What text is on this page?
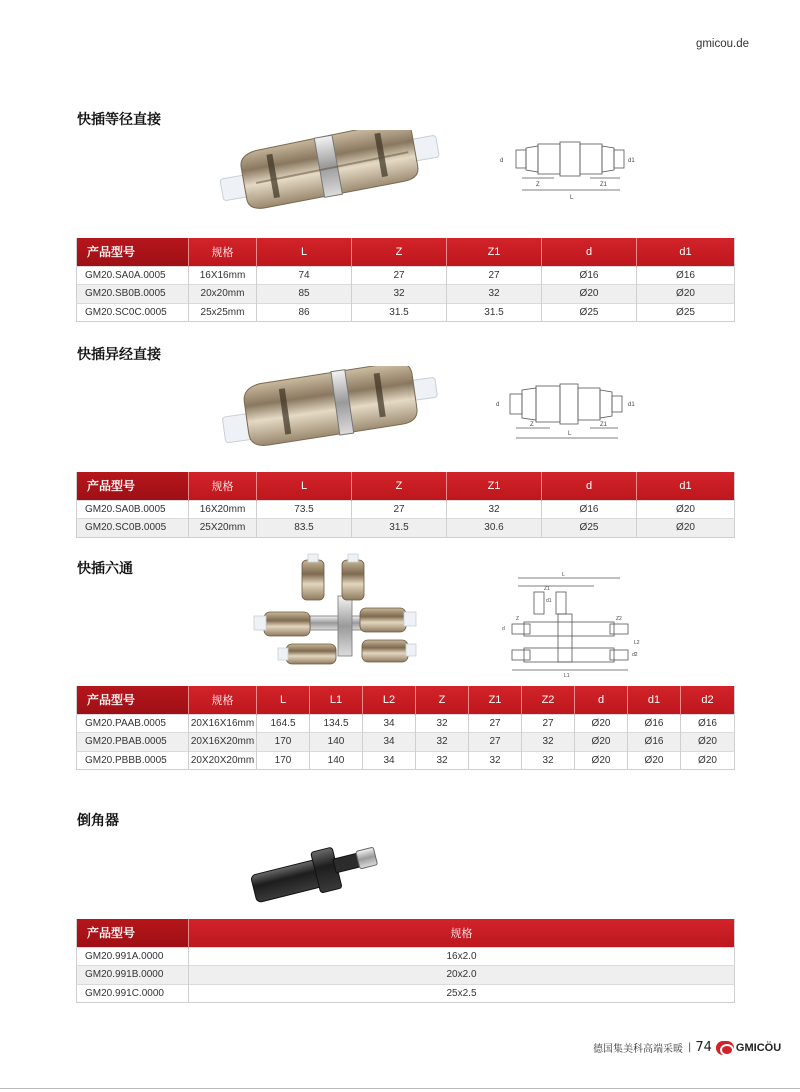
gmicou.de
快插等径直接
d	d1
Z	Z1
L
产品型号	规格	L	Z	Z1	d	d1
GM20.SA0A.0005	16X16mm	74	27	27	Ø16	Ø16
GM20.SB0B.0005	20x20mm	85	32	32	Ø20	Ø20
GM20.SC0C.0005	25x25mm	86	31.5	31.5	Ø25	Ø25
快插异经直接
d	d1
Z	Z1
L
产品型号	规格	L	Z	Z1	d	d1
GM20.SA0B.0005	16X20mm	73.5	27	32	Ø16	Ø20
GM20.SC0B.0005	25X20mm	83.5	31.5	30.6	Ø25	Ø20
快插六通	L
L1
L2
Z
Z1
Z2
d
d1
d2
产品型号	规格	L	L1	L2	Z	Z1	Z2	d	d1	d2
GM20.PAAB.0005	20X16X16mm	164.5	134.5	34	32	27	27	Ø20	Ø16	Ø16
GM20.PBAB.0005	20X16X20mm	170	140	34	32	27	32	Ø20	Ø16	Ø20
GM20.PBBB.0005	20X20X20mm	170	140	34	32	32	32	Ø20	Ø20	Ø20
倒角器
产品型号	规格
GM20.991A.0000	16x2.0
GM20.991B.0000	20x2.0
GM20.991C.0000	25x2.5
德国集美科高端采暖 | 74 GMICÖU
